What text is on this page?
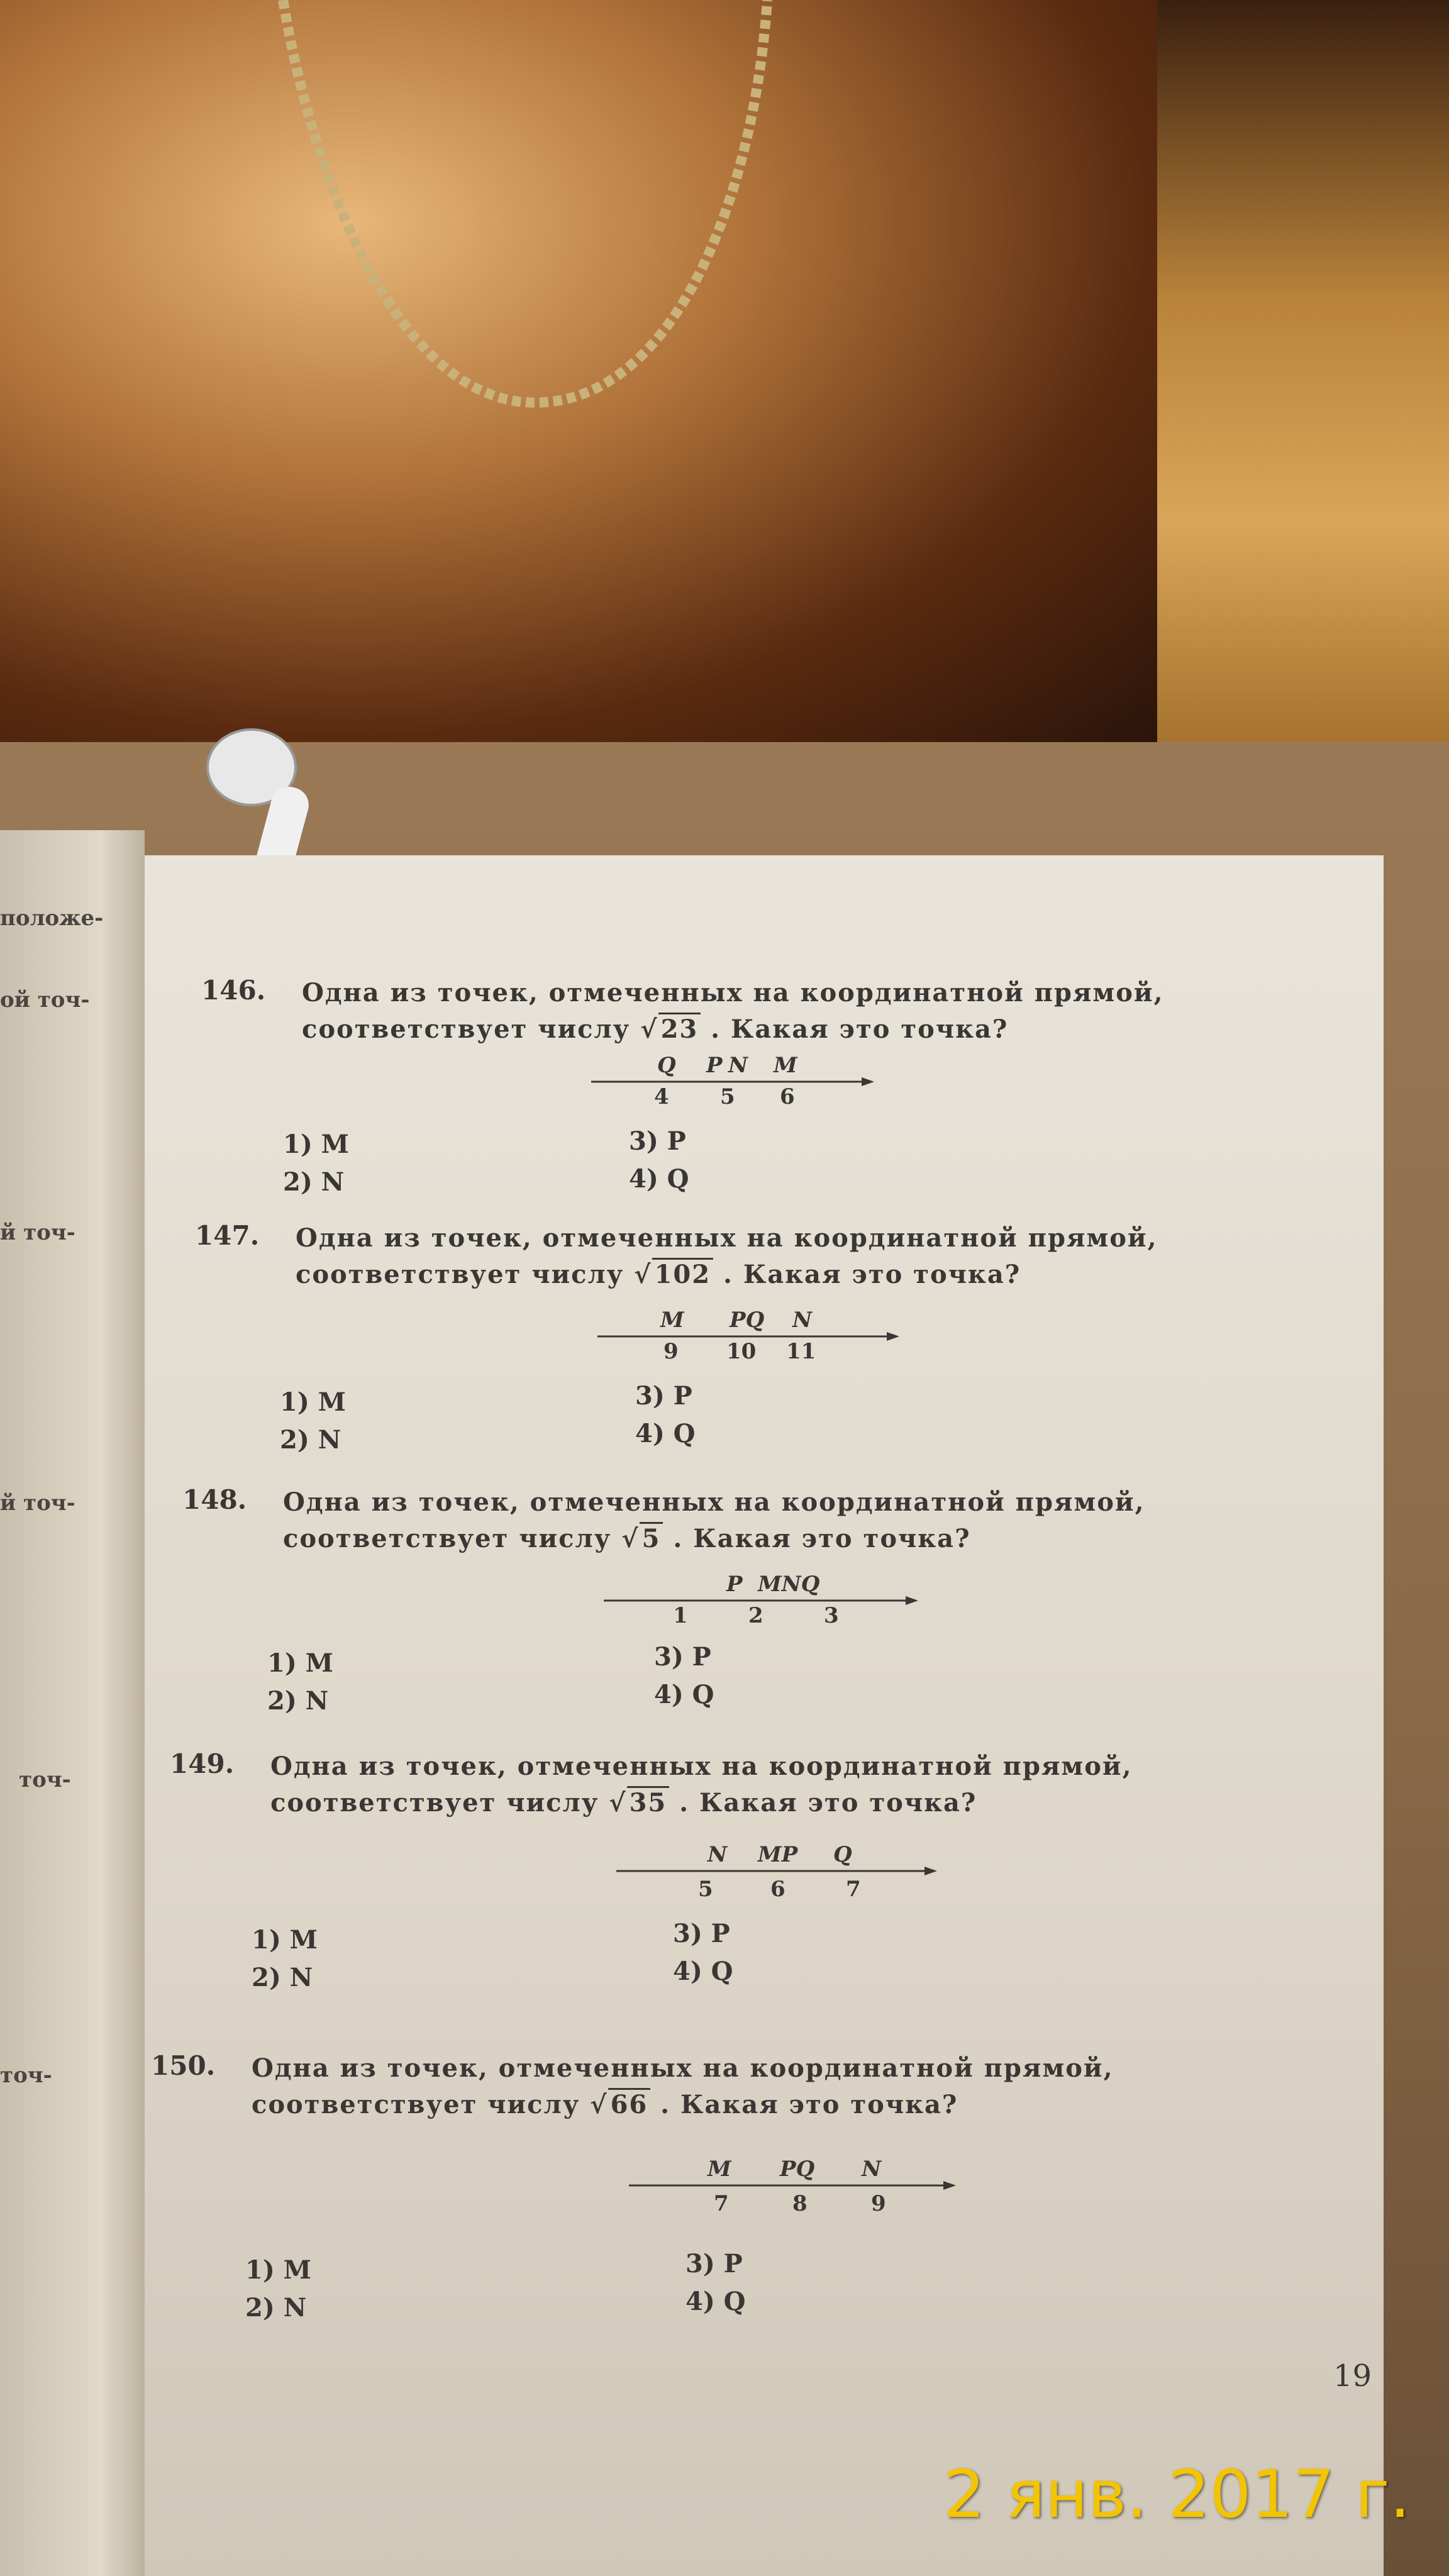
положе-
ой точ-
й точ-
й точ-
точ-
точ-
146. Одна из точек, отмеченных на координатной прямой,
соответствует числу √ 23 . Какая это точка?
Q P N M
4 5 6
1) M
2) N
3) P
4) Q
147. Одна из точек, отмеченных на координатной прямой,
соответствует числу √ 102 . Какая это точка?
M PQ N
9 10 11
1) M
2) N
3) P
4) Q
148. Одна из точек, отмеченных на координатной прямой,
соответствует числу √ 5 . Какая это точка?
P MNQ
1	2	3
1) M
2) N
3) P
4) Q
149. Одна из точек, отмеченных на координатной прямой,
соответствует числу √ 35 . Какая это точка?
N MP Q
5	6	7
1) M
2) N
3) P
4) Q
150. Одна из точек, отмеченных на координатной прямой,
соответствует числу √ 66 . Какая это точка?
M PQ N
7	8	9
1) M
2) N
3) P
4) Q
19
2 янв. 2017 г.
